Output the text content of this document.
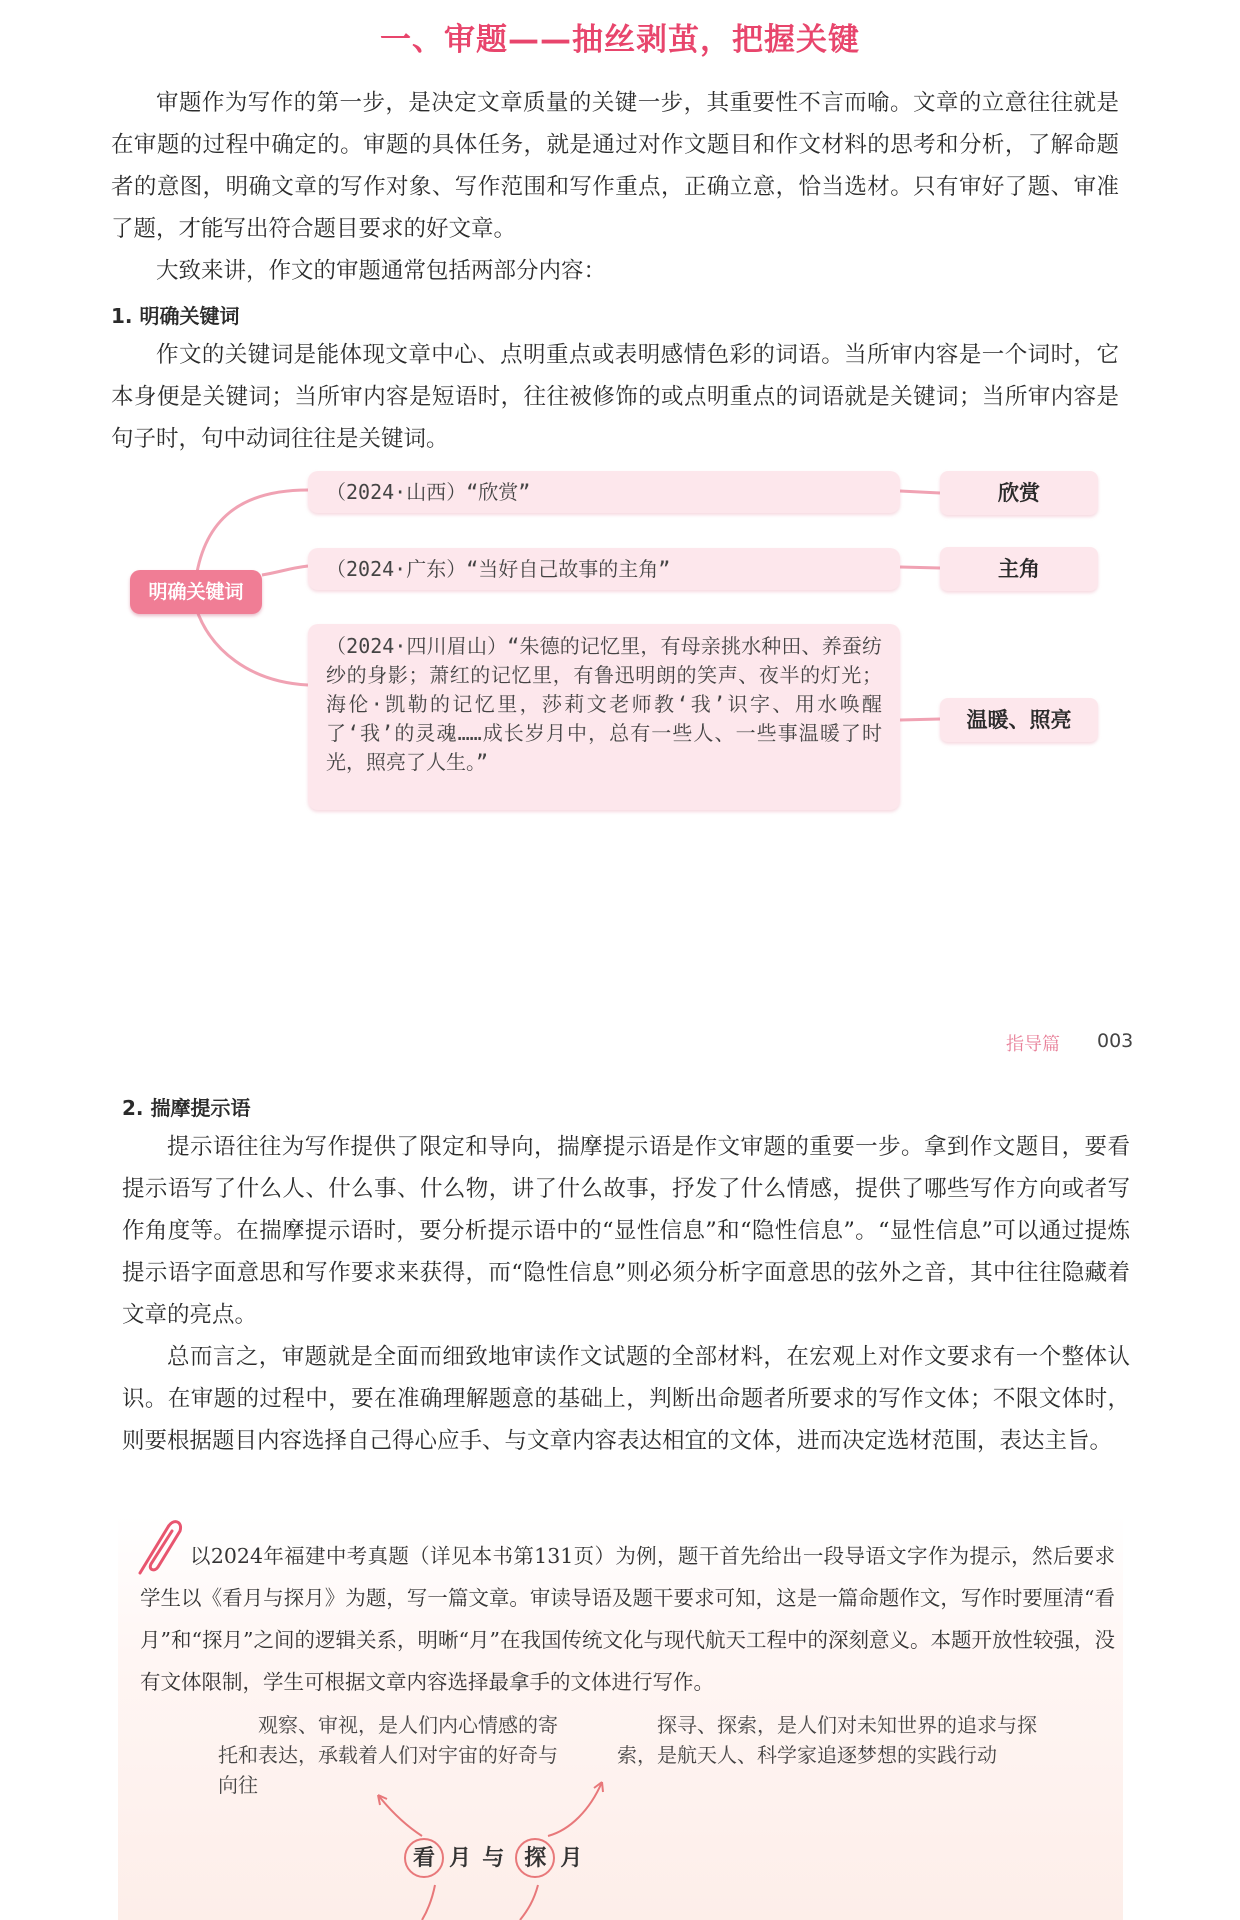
一、审题——抽丝剥茧，把握关键
审题作为写作的第一步，是决定文章质量的关键一步，其重要性不言而喻。文章的立意往往就是在审题的过程中确定的。审题的具体任务，就是通过对作文题目和作文材料的思考和分析，了解命题者的意图，明确文章的写作对象、写作范围和写作重点，正确立意，恰当选材。只有审好了题、审准了题，才能写出符合题目要求的好文章。
大致来讲，作文的审题通常包括两部分内容：
1. 明确关键词
作文的关键词是能体现文章中心、点明重点或表明感情色彩的词语。当所审内容是一个词时，它本身便是关键词；当所审内容是短语时，往往被修饰的或点明重点的词语就是关键词；当所审内容是句子时，句中动词往往是关键词。
明确关键词
（2024·山西）“欣赏”
（2024·广东）“当好自己故事的主角”
（2024·四川眉山）“朱德的记忆里，有母亲挑水种田、养蚕纺纱的身影；萧红的记忆里，有鲁迅明朗的笑声、夜半的灯光；海伦·凯勒的记忆里，莎莉文老师教‘我’识字、用水唤醒了‘我’的灵魂……成长岁月中，总有一些人、一些事温暖了时光，照亮了人生。”
欣赏
主角
温暖、照亮
指导篇 003
2. 揣摩提示语
提示语往往为写作提供了限定和导向，揣摩提示语是作文审题的重要一步。拿到作文题目，要看提示语写了什么人、什么事、什么物，讲了什么故事，抒发了什么情感，提供了哪些写作方向或者写作角度等。在揣摩提示语时，要分析提示语中的“显性信息”和“隐性信息”。“显性信息”可以通过提炼提示语字面意思和写作要求来获得，而“隐性信息”则必须分析字面意思的弦外之音，其中往往隐藏着文章的亮点。
总而言之，审题就是全面而细致地审读作文试题的全部材料，在宏观上对作文要求有一个整体认识。在审题的过程中，要在准确理解题意的基础上，判断出命题者所要求的写作文体；不限文体时，则要根据题目内容选择自己得心应手、与文章内容表达相宜的文体，进而决定选材范围，表达主旨。
以2024年福建中考真题（详见本书第131页）为例，题干首先给出一段导语文字作为提示，然后要求学生以《看月与探月》为题，写一篇文章。审读导语及题干要求可知，这是一篇命题作文，写作时要厘清“看月”和“探月”之间的逻辑关系，明晰“月”在我国传统文化与现代航天工程中的深刻意义。本题开放性较强，没有文体限制，学生可根据文章内容选择最拿手的文体进行写作。
观察、审视，是人们内心情感的寄托和表达，承载着人们对宇宙的好奇与向往
探寻、探索，是人们对未知世界的追求与探索，是航天人、科学家追逐梦想的实践行动
看 月 与 探 月
